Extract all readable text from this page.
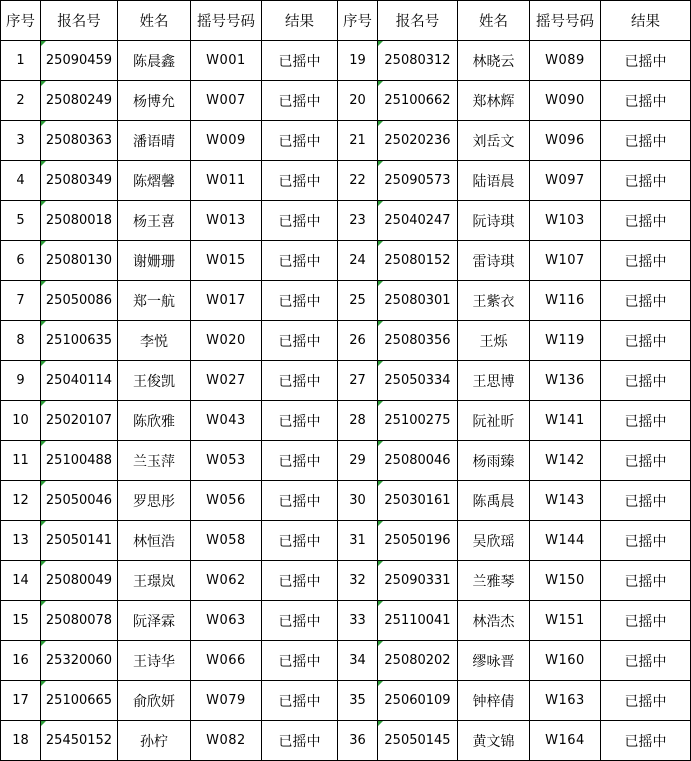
序号	报名号	姓名	摇号号码	结果	序号	报名号	姓名	摇号号码	结果
1	25090459	陈晨鑫	W001	已摇中	19	25080312	林晓云	W089	已摇中
2	25080249	杨博允	W007	已摇中	20	25100662	郑林辉	W090	已摇中
3	25080363	潘语晴	W009	已摇中	21	25020236	刘岳文	W096	已摇中
4	25080349	陈熠馨	W011	已摇中	22	25090573	陆语晨	W097	已摇中
5	25080018	杨王喜	W013	已摇中	23	25040247	阮诗琪	W103	已摇中
6	25080130	谢姗珊	W015	已摇中	24	25080152	雷诗琪	W107	已摇中
7	25050086	郑一航	W017	已摇中	25	25080301	王紫衣	W116	已摇中
8	25100635	李悦	W020	已摇中	26	25080356	王烁	W119	已摇中
9	25040114	王俊凯	W027	已摇中	27	25050334	王思博	W136	已摇中
10	25020107	陈欣雅	W043	已摇中	28	25100275	阮祉昕	W141	已摇中
11	25100488	兰玉萍	W053	已摇中	29	25080046	杨雨臻	W142	已摇中
12	25050046	罗思彤	W056	已摇中	30	25030161	陈禹晨	W143	已摇中
13	25050141	林恒浩	W058	已摇中	31	25050196	吴欣瑶	W144	已摇中
14	25080049	王璟岚	W062	已摇中	32	25090331	兰雅琴	W150	已摇中
15	25080078	阮泽霖	W063	已摇中	33	25110041	林浩杰	W151	已摇中
16	25320060	王诗华	W066	已摇中	34	25080202	缪咏晋	W160	已摇中
17	25100665	俞欣妍	W079	已摇中	35	25060109	钟梓倩	W163	已摇中
18	25450152	孙柠	W082	已摇中	36	25050145	黄文锦	W164	已摇中
